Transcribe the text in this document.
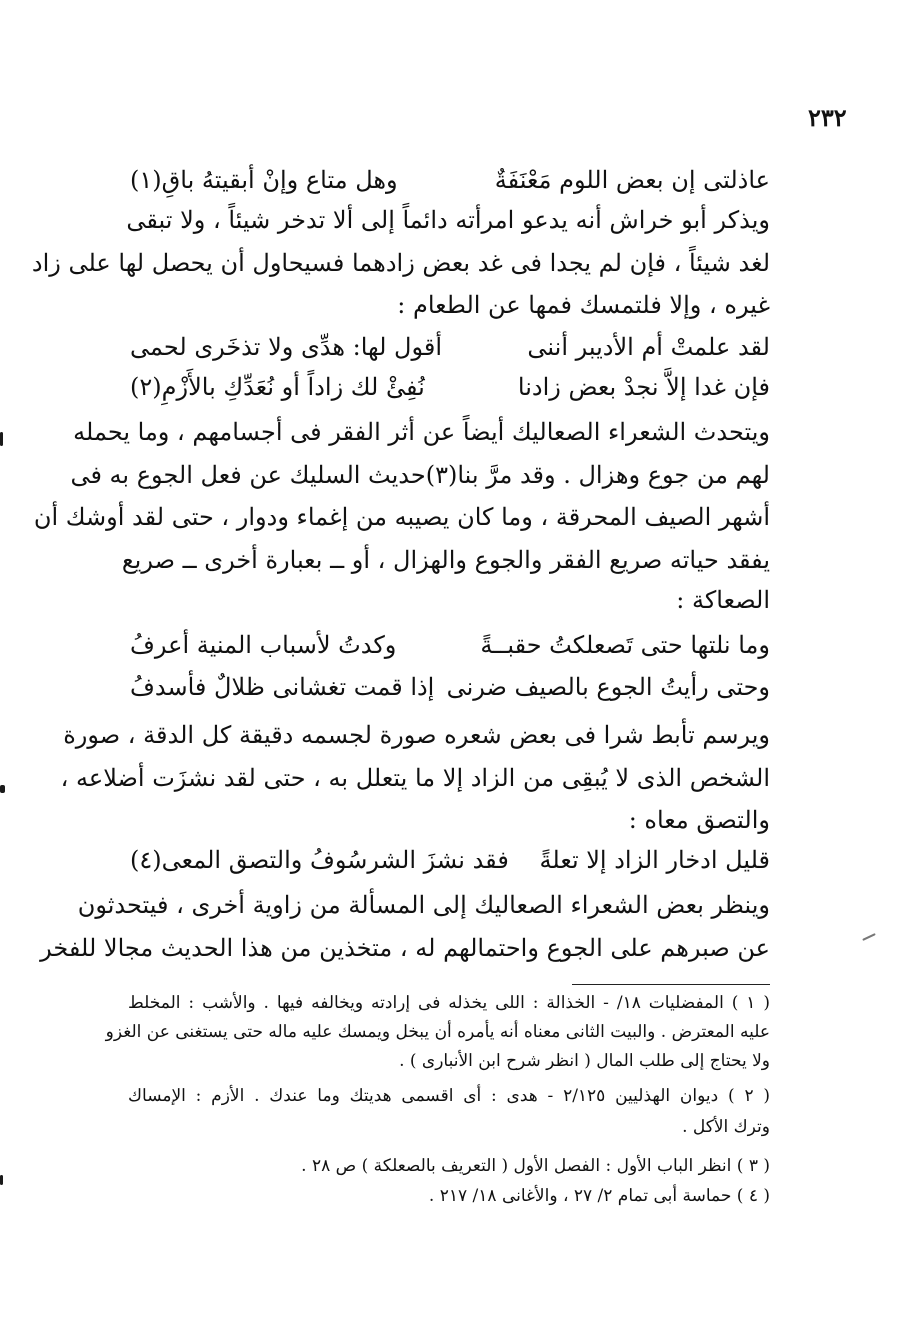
٢٣٢
عاذلتى إن بعض اللوم مَعْنَفَةٌ
وهل متاع وإنْ أبقيتهُ باقِ(١)
ويذكر أبو خراش أنه يدعو امرأته دائماً إلى ألا تدخر شيئاً ، ولا تبقى
لغد شيئاً ، فإن لم يجدا فى غد بعض زادهما فسيحاول أن يحصل لها على زاد
غيره ، وإلا فلتمسك فمها عن الطعام :
لقد علمتْ أم الأديبر أننى
أقول لها: هدِّى ولا تذخَرى لحمى
فإن غدا إلاَّ نجدْ بعض زادنا
نُفِئْ لك زاداً أو نُعَدِّكِ بالأَزْمِ(٢)
ويتحدث الشعراء الصعاليك أيضاً عن أثر الفقر فى أجسامهم ، وما يحمله
لهم من جوع وهزال . وقد مرَّ بنا(٣)حديث السليك عن فعل الجوع به فى
أشهر الصيف المحرقة ، وما كان يصيبه من إغماء ودوار ، حتى لقد أوشك أن
يفقد حياته صريع الفقر والجوع والهزال ، أو ــ بعبارة أخرى ــ صريع
الصعاكة :
وما نلتها حتى تَصعلكتُ حقبــةً
وكدتُ لأسباب المنية أعرفُ
وحتى رأيتُ الجوع بالصيف ضرنى
إذا قمت تغشانى ظلالٌ فأسدفُ
ويرسم تأبط شرا فى بعض شعره صورة لجسمه دقيقة كل الدقة ، صورة
الشخص الذى لا يُبقِى من الزاد إلا ما يتعلل به ، حتى لقد نشزَت أضلاعه ،
والتصق معاه :
قليل ادخار الزاد إلا تعلةً
فقد نشزَ الشرسُوفُ والتصق المعى(٤)
وينظر بعض الشعراء الصعاليك إلى المسألة من زاوية أخرى ، فيتحدثون
عن صبرهم على الجوع واحتمالهم له ، متخذين من هذا الحديث مجالا للفخر
( ١ ) المفضليات ١٨/ - الخذالة : اللى يخذله فى إرادته ويخالفه فيها . والأشب : المخلط
عليه المعترض . والبيت الثانى معناه أنه يأمره أن يبخل ويمسك عليه ماله حتى يستغنى عن الغزو
ولا يحتاج إلى طلب المال ( انظر شرح ابن الأنبارى ) .
( ٢ ) ديوان الهذليين ٢/١٢٥ - هدى : أى اقسمى هديتك وما عندك . الأزم : الإمساك
وترك الأكل .
( ٣ ) انظر الباب الأول : الفصل الأول ( التعريف بالصعلكة ) ص ٢٨ .
( ٤ ) حماسة أبى تمام ٢/ ٢٧ ، والأغانى ١٨/ ٢١٧ .
